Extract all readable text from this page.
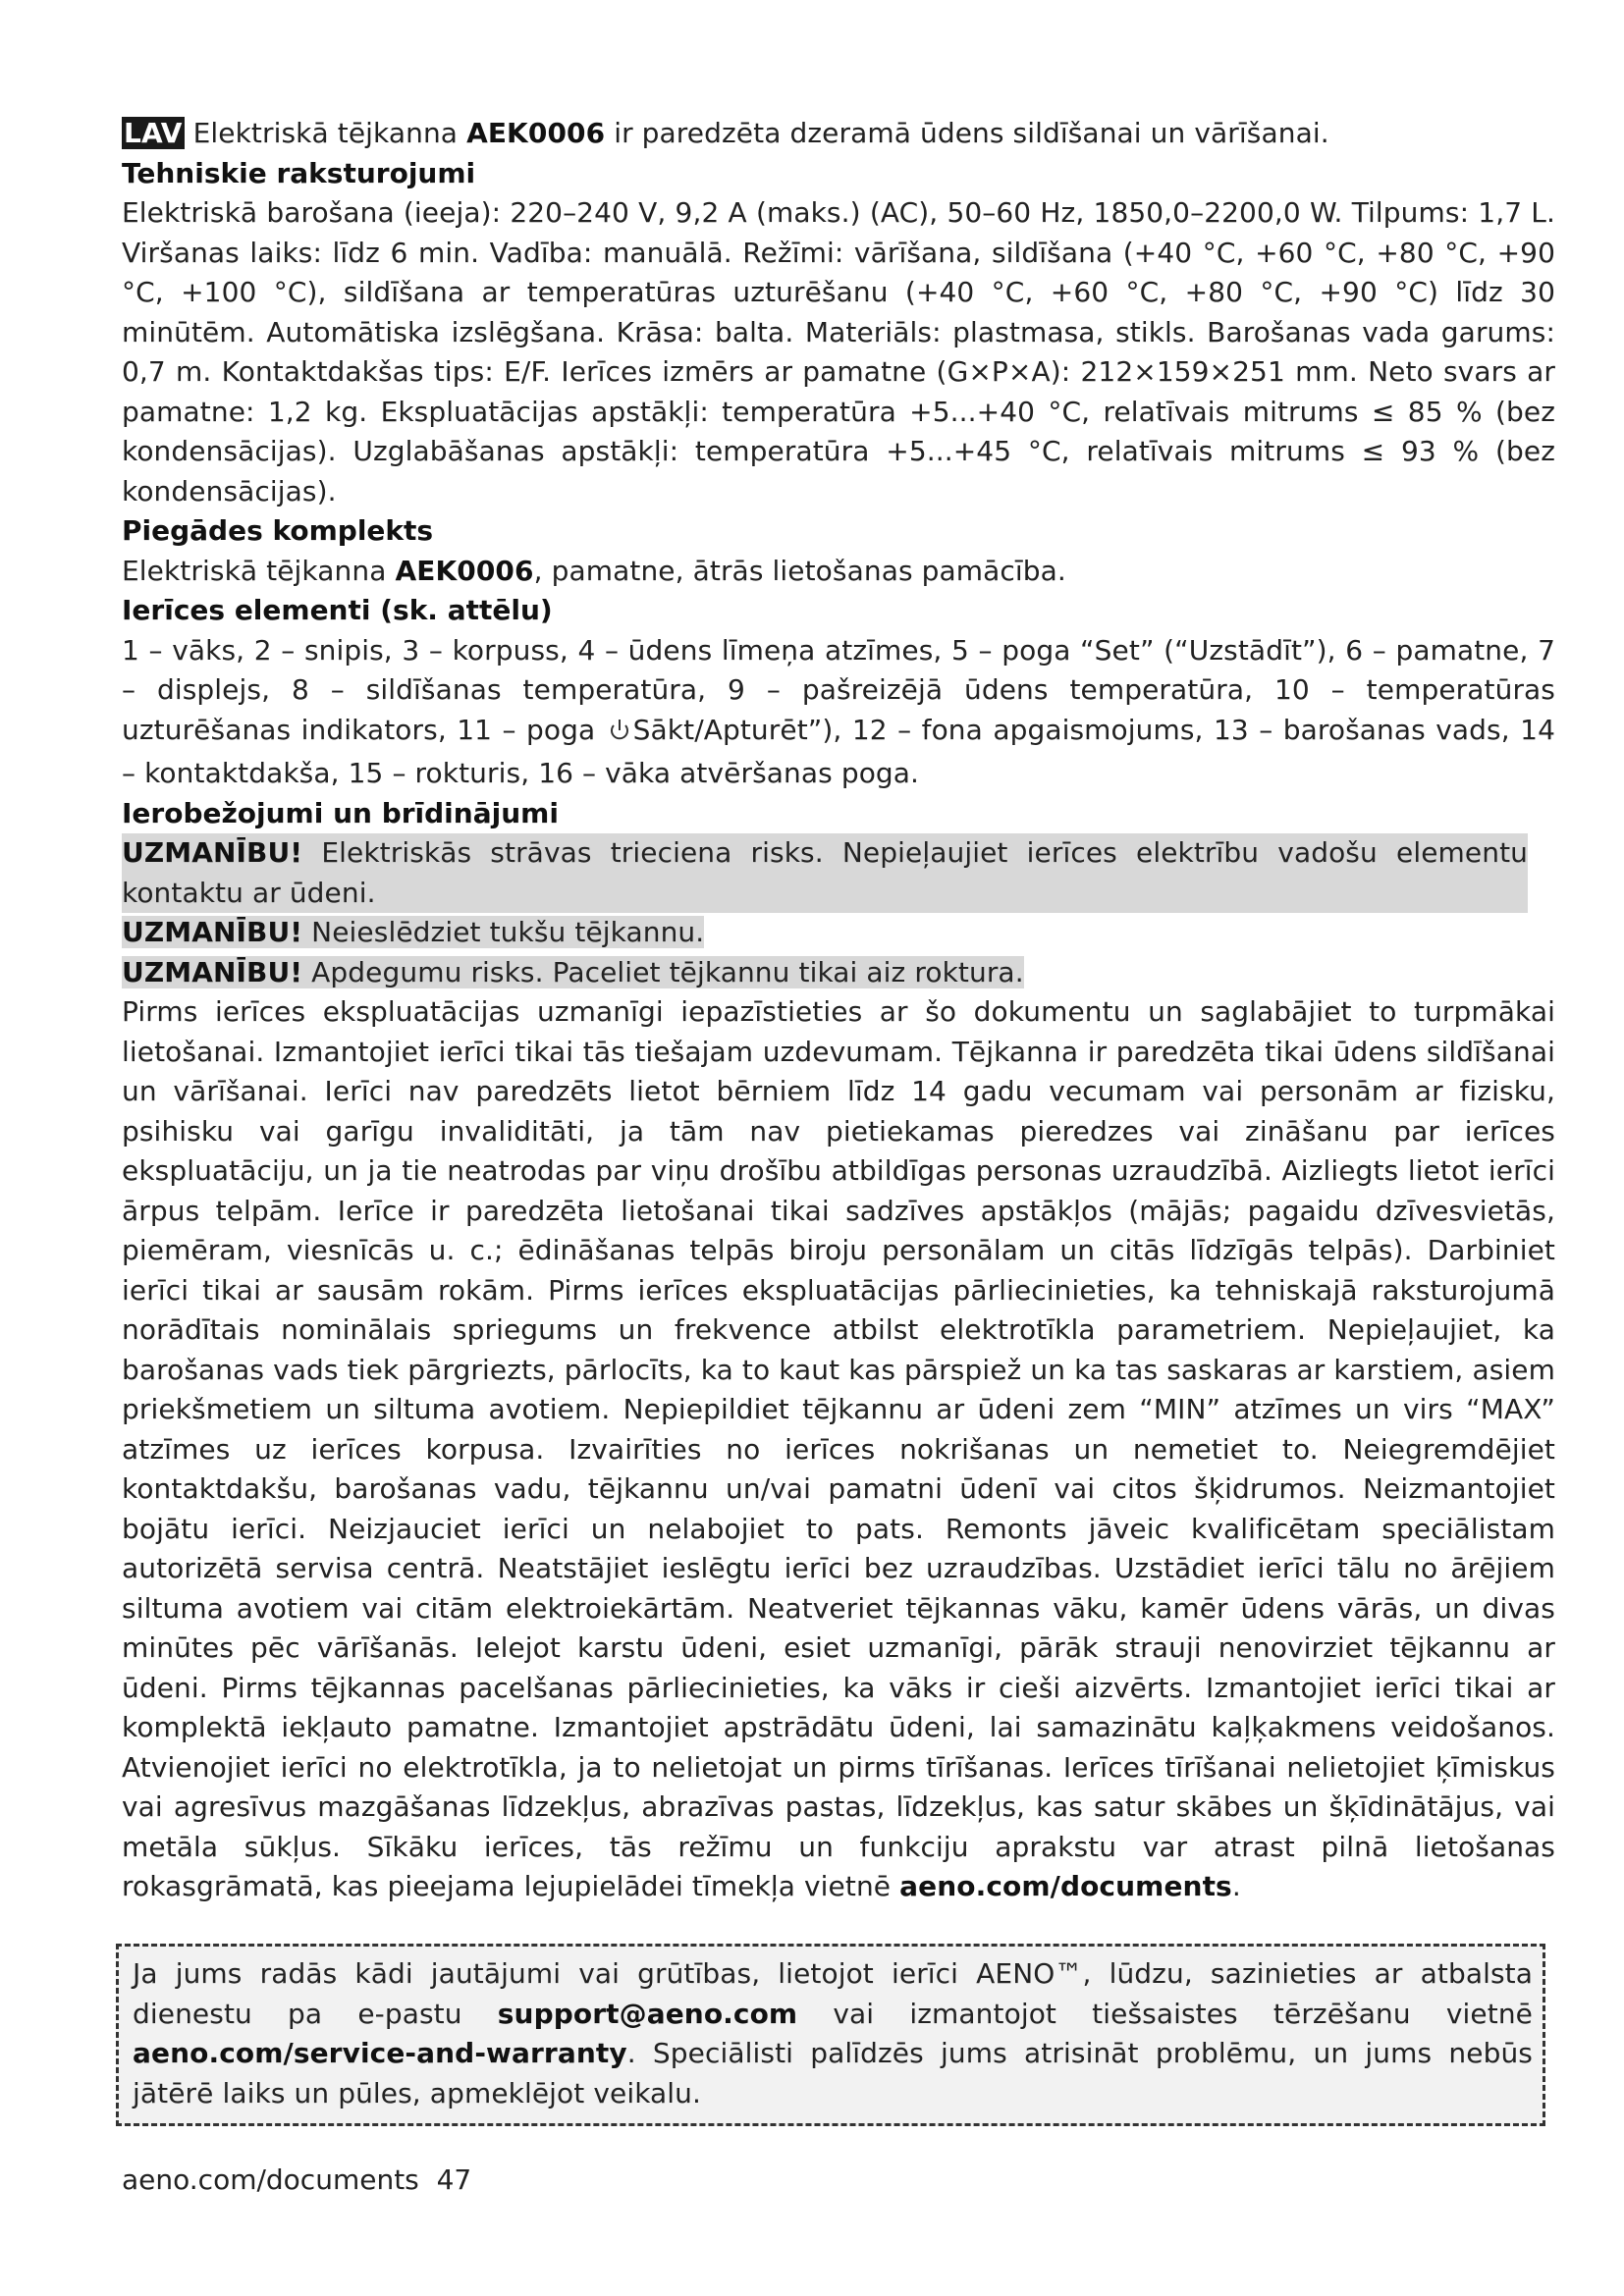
LAV Elektriskā tējkanna AEK0006 ir paredzēta dzeramā ūdens sildīšanai un vārīšanai.

Tehniskie raksturojumi

Elektriskā barošana (ieeja): 220–240 V, 9,2 A (maks.) (AC), 50–60 Hz, 1850,0–2200,0 W. Tilpums: 1,7 L. Viršanas laiks: līdz 6 min. Vadība: manuālā. Režīmi: vārīšana, sildīšana (+40 °C, +60 °C, +80 °C, +90 °C, +100 °C), sildīšana ar temperatūras uzturēšanu (+40 °C, +60 °C, +80 °C, +90 °C) līdz 30 minūtēm. Automātiska izslēgšana. Krāsa: balta. Materiāls: plastmasa, stikls. Barošanas vada garums: 0,7 m. Kontaktdakšas tips: E/F. Ierīces izmērs ar pamatne (G×P×A): 212×159×251 mm. Neto svars ar pamatne: 1,2 kg. Ekspluatācijas apstākļi: temperatūra +5...+40 °C, relatīvais mitrums ≤ 85 % (bez kondensācijas). Uzglabāšanas apstākļi: temperatūra +5...+45 °C, relatīvais mitrums ≤ 93 % (bez kondensācijas).

Piegādes komplekts

Elektriskā tējkanna AEK0006, pamatne, ātrās lietošanas pamācība.

Ierīces elementi (sk. attēlu)

1 – vāks, 2 – snipis, 3 – korpuss, 4 – ūdens līmeņa atzīmes, 5 – poga “Set” (“Uzstādīt”), 6 – pamatne, 7 – displejs, 8 – sildīšanas temperatūra, 9 – pašreizējā ūdens temperatūra, 10 – temperatūras uzturēšanas indikators, 11 – poga Sākt/Apturēt”), 12 – fona apgaismojums, 13 – barošanas vads, 14 – kontaktdakša, 15 – rokturis, 16 – vāka atvēršanas poga.

Ierobežojumi un brīdinājumi

UZMANĪBU! Elektriskās strāvas trieciena risks. Nepieļaujiet ierīces elektrību vadošu elementu kontaktu ar ūdeni.

UZMANĪBU! Neieslēdziet tukšu tējkannu.

UZMANĪBU! Apdegumu risks. Paceliet tējkannu tikai aiz roktura.

Pirms ierīces ekspluatācijas uzmanīgi iepazīstieties ar šo dokumentu un saglabājiet to turpmākai lietošanai. Izmantojiet ierīci tikai tās tiešajam uzdevumam. Tējkanna ir paredzēta tikai ūdens sildīšanai un vārīšanai. Ierīci nav paredzēts lietot bērniem līdz 14 gadu vecumam vai personām ar fizisku, psihisku vai garīgu invaliditāti, ja tām nav pietiekamas pieredzes vai zināšanu par ierīces ekspluatāciju, un ja tie neatrodas par viņu drošību atbildīgas personas uzraudzībā. Aizliegts lietot ierīci ārpus telpām. Ierīce ir paredzēta lietošanai tikai sadzīves apstākļos (mājās; pagaidu dzīvesvietās, piemēram, viesnīcās u. c.; ēdināšanas telpās biroju personālam un citās līdzīgās telpās). Darbiniet ierīci tikai ar sausām rokām. Pirms ierīces ekspluatācijas pārliecinieties, ka tehniskajā raksturojumā norādītais nominālais spriegums un frekvence atbilst elektrotīkla parametriem. Nepieļaujiet, ka barošanas vads tiek pārgriezts, pārlocīts, ka to kaut kas pārspiež un ka tas saskaras ar karstiem, asiem priekšmetiem un siltuma avotiem. Nepiepildiet tējkannu ar ūdeni zem “MIN” atzīmes un virs “MAX” atzīmes uz ierīces korpusa. Izvairīties no ierīces nokrišanas un nemetiet to. Neiegremdējiet kontaktdakšu, barošanas vadu, tējkannu un/vai pamatni ūdenī vai citos šķidrumos. Neizmantojiet bojātu ierīci. Neizjauciet ierīci un nelabojiet to pats. Remonts jāveic kvalificētam speciālistam autorizētā servisa centrā. Neatstājiet ieslēgtu ierīci bez uzraudzības. Uzstādiet ierīci tālu no ārējiem siltuma avotiem vai citām elektroiekārtām. Neatveriet tējkannas vāku, kamēr ūdens vārās, un divas minūtes pēc vārīšanās. Ielejot karstu ūdeni, esiet uzmanīgi, pārāk strauji nenovirziet tējkannu ar ūdeni. Pirms tējkannas pacelšanas pārliecinieties, ka vāks ir cieši aizvērts. Izmantojiet ierīci tikai ar komplektā iekļauto pamatne. Izmantojiet apstrādātu ūdeni, lai samazinātu kaļķakmens veidošanos. Atvienojiet ierīci no elektrotīkla, ja to nelietojat un pirms tīrīšanas. Ierīces tīrīšanai nelietojiet ķīmiskus vai agresīvus mazgāšanas līdzekļus, abrazīvas pastas, līdzekļus, kas satur skābes un šķīdinātājus, vai metāla sūkļus. Sīkāku ierīces, tās režīmu un funkciju aprakstu var atrast pilnā lietošanas rokasgrāmatā, kas pieejama lejupielādei tīmekļa vietnē aeno.com/documents.

Ja jums radās kādi jautājumi vai grūtības, lietojot ierīci AENO™, lūdzu, sazinieties ar atbalsta dienestu pa e-pastu support@aeno.com vai izmantojot tiešsaistes tērzēšanu vietnē aeno.com/service-and-warranty. Speciālisti palīdzēs jums atrisināt problēmu, un jums nebūs jātērē laiks un pūles, apmeklējot veikalu.

aeno.com/documents 47
